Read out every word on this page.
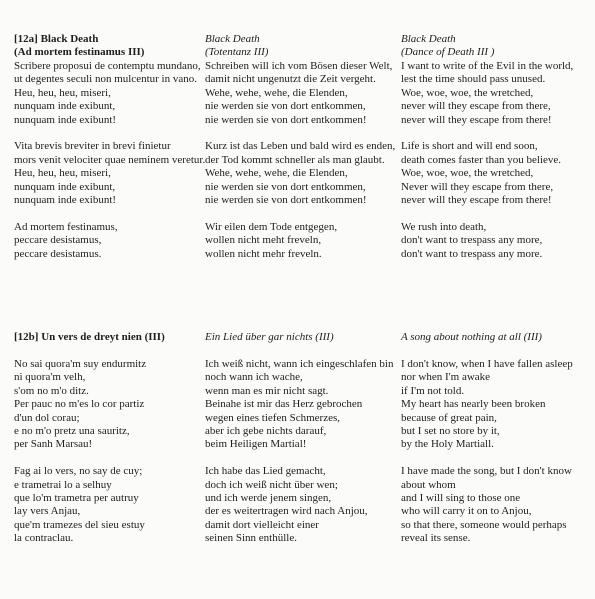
[12a] Black Death
(Ad mortem festinamus III)
Scribere proposui de contemptu mundano,
ut degentes seculi non mulcentur in vano.
Heu, heu, heu, miseri,
nunquam inde exibunt,
nunquam inde exibunt!
Vita brevis breviter in brevi finietur
mors venit velociter quae neminem veretur.
Heu, heu, heu, miseri,
nunquam inde exibunt,
nunquam inde exibunt!
Ad mortem festinamus,
peccare desistamus,
peccare desistamus.
Black Death
(Totentanz III)
Schreiben will ich vom Bösen dieser Welt,
damit nicht ungenutzt die Zeit vergeht.
Wehe, wehe, wehe, die Elenden,
nie werden sie von dort entkommen,
nie werden sie von dort entkommen!
Kurz ist das Leben und bald wird es enden,
der Tod kommt schneller als man glaubt.
Wehe, wehe, wehe, die Elenden,
nie werden sie von dort entkommen,
nie werden sie von dort entkommen!
Wir eilen dem Tode entgegen,
wollen nicht meht freveln,
wollen nicht mehr freveln.
Black Death
(Dance of Death III )
I want to write of the Evil in the world,
lest the time should pass unused.
Woe, woe, woe, the wretched,
never will they escape from there,
never will they escape from there!
Life is short and will end soon,
death comes faster than you believe.
Woe, woe, woe, the wretched,
Never will they escape from there,
never will they escape from there!
We rush into death,
don't want to trespass any more,
don't want to trespass any more.
[12b] Un vers de dreyt nien (III)
No sai quora'm suy endurmitz
ni quora'm velh,
s'om no m'o ditz.
Per pauc no m'es lo cor partiz
d'un dol corau;
e no m'o pretz una sauritz,
per Sanh Marsau!
Fag ai lo vers, no say de cuy;
e trametrai lo a selhuy
que lo'm trametra per autruy
lay vers Anjau,
que'm tramezes del sieu estuy
la contraclau.
Ein Lied über gar nichts (III)
Ich weiß nicht, wann ich eingeschlafen bin
noch wann ich wache,
wenn man es mir nicht sagt.
Beinahe ist mir das Herz gebrochen
wegen eines tiefen Schmerzes,
aber ich gebe nichts darauf,
beim Heiligen Martial!
Ich habe das Lied gemacht,
doch ich weiß nicht über wen;
und ich werde jenem singen,
der es weitertragen wird nach Anjou,
damit dort vielleicht einer
seinen Sinn enthülle.
A song about nothing at all (III)
I don't know, when I have fallen asleep
nor when I'm awake
if I'm not told.
My heart has nearly been broken
because of great pain,
but I set no store by it,
by the Holy Martiall.
I have made the song, but I don't know
about whom
and I will sing to those one
who will carry it on to Anjou,
so that there, someone would perhaps
reveal its sense.
